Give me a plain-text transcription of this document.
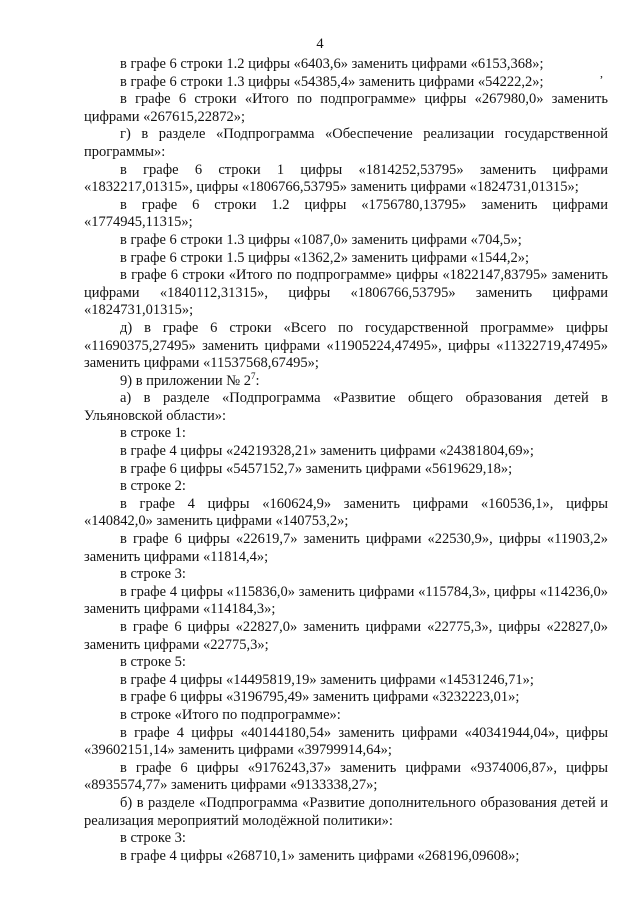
4
,

в графе 6 строки 1.2 цифры «6403,6» заменить цифрами «6153,368»;

в графе 6 строки 1.3 цифры «54385,4» заменить цифрами «54222,2»;

в графе 6 строки «Итого по подпрограмме» цифры «267980,0» заменить цифрами «267615,22872»;

г) в разделе «Подпрограмма «Обеспечение реализации государственной программы»:

в графе 6 строки 1 цифры «1814252,53795» заменить цифрами «1832217,01315», цифры «1806766,53795» заменить цифрами «1824731,01315»;

в графе 6 строки 1.2 цифры «1756780,13795» заменить цифрами «1774945,11315»;

в графе 6 строки 1.3 цифры «1087,0» заменить цифрами «704,5»;

в графе 6 строки 1.5 цифры «1362,2» заменить цифрами «1544,2»;

в графе 6 строки «Итого по подпрограмме» цифры «1822147,83795» заменить цифрами «1840112,31315», цифры «1806766,53795» заменить цифрами «1824731,01315»;

д) в графе 6 строки «Всего по государственной программе» цифры «11690375,27495» заменить цифрами «11905224,47495», цифры «11322719,47495» заменить цифрами «11537568,67495»;

9) в приложении № $2^7$:

а) в разделе «Подпрограмма «Развитие общего образования детей в Ульяновской области»:

в строке 1:

в графе 4 цифры «24219328,21» заменить цифрами «24381804,69»;

в графе 6 цифры «5457152,7» заменить цифрами «5619629,18»;

в строке 2:

в графе 4 цифры «160624,9» заменить цифрами «160536,1», цифры «140842,0» заменить цифрами «140753,2»;

в графе 6 цифры «22619,7» заменить цифрами «22530,9», цифры «11903,2» заменить цифрами «11814,4»;

в строке 3:

в графе 4 цифры «115836,0» заменить цифрами «115784,3», цифры «114236,0» заменить цифрами «114184,3»;

в графе 6 цифры «22827,0» заменить цифрами «22775,3», цифры «22827,0» заменить цифрами «22775,3»;

в строке 5:

в графе 4 цифры «14495819,19» заменить цифрами «14531246,71»;

в графе 6 цифры «3196795,49» заменить цифрами «3232223,01»;

в строке «Итого по подпрограмме»:

в графе 4 цифры «40144180,54» заменить цифрами «40341944,04», цифры «39602151,14» заменить цифрами «39799914,64»;

в графе 6 цифры «9176243,37» заменить цифрами «9374006,87», цифры «8935574,77» заменить цифрами «9133338,27»;

б) в разделе «Подпрограмма «Развитие дополнительного образования детей и реализация мероприятий молодёжной политики»:

в строке 3:

в графе 4 цифры «268710,1» заменить цифрами «268196,09608»;
